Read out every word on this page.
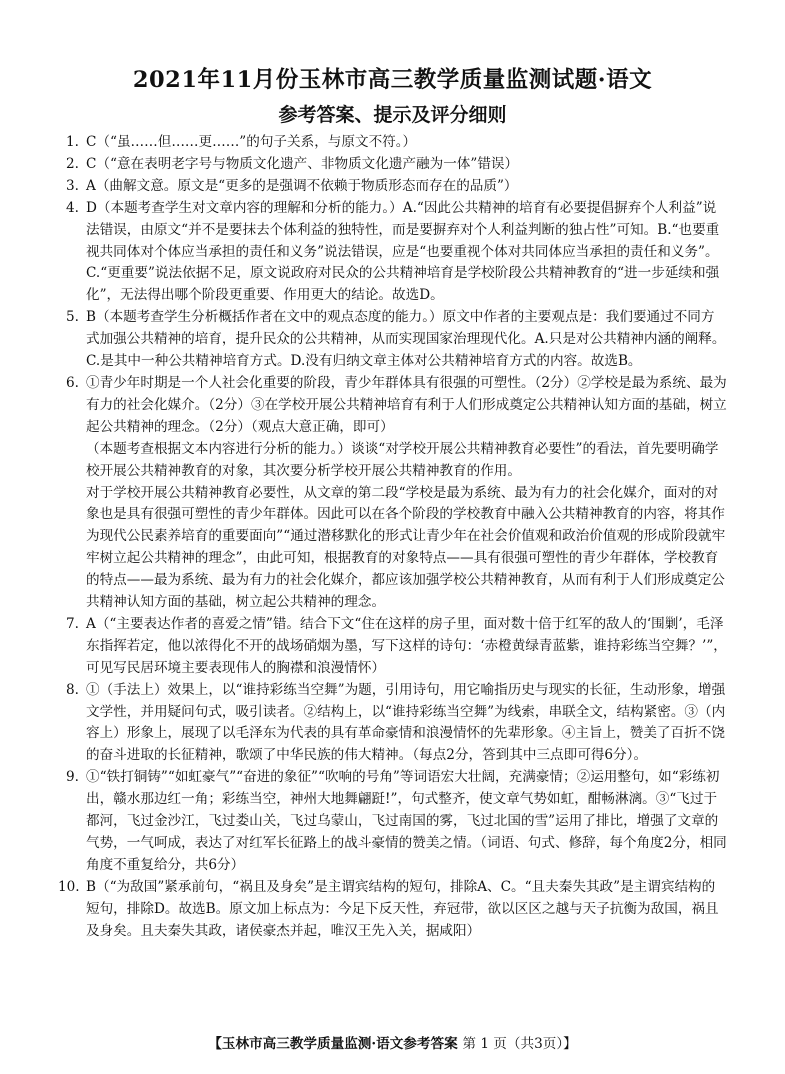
2021年11月份玉林市高三教学质量监测试题·语文
参考答案、提示及评分细则
1. C（“虽……但……更……”的句子关系，与原文不符。）
2. C（“意在表明老字号与物质文化遗产、非物质文化遗产融为一体”错误）
3. A（曲解文意。原文是“更多的是强调不依赖于物质形态而存在的品质”）
4. D（本题考查学生对文章内容的理解和分析的能力。）A.“因此公共精神的培育有必要提倡摒弃个人利益”说法错误，由原文“并不是要抹去个体利益的独特性，而是要摒弃对个人利益判断的独占性”可知。B.“也要重视共同体对个体应当承担的责任和义务”说法错误，应是“也要重视个体对共同体应当承担的责任和义务”。C.“更重要”说法依据不足，原文说政府对民众的公共精神培育是学校阶段公共精神教育的“进一步延续和强化”，无法得出哪个阶段更重要、作用更大的结论。故选D。
5. B（本题考查学生分析概括作者在文中的观点态度的能力。）原文中作者的主要观点是：我们要通过不同方式加强公共精神的培育，提升民众的公共精神，从而实现国家治理现代化。A.只是对公共精神内涵的阐释。C.是其中一种公共精神培育方式。D.没有归纳文章主体对公共精神培育方式的内容。故选B。
6. ①青少年时期是一个人社会化重要的阶段，青少年群体具有很强的可塑性。（2分）②学校是最为系统、最为有力的社会化媒介。（2分）③在学校开展公共精神培育有利于人们形成奠定公共精神认知方面的基础，树立起公共精神的理念。（2分）（观点大意正确，即可）
（本题考查根据文本内容进行分析的能力。）谈谈“对学校开展公共精神教育必要性”的看法，首先要明确学校开展公共精神教育的对象，其次要分析学校开展公共精神教育的作用。
对于学校开展公共精神教育必要性，从文章的第二段“学校是最为系统、最为有力的社会化媒介，面对的对象也是具有很强可塑性的青少年群体。因此可以在各个阶段的学校教育中融入公共精神教育的内容，将其作为现代公民素养培育的重要面向”“通过潜移默化的形式让青少年在社会价值观和政治价值观的形成阶段就牢牢树立起公共精神的理念”，由此可知，根据教育的对象特点——具有很强可塑性的青少年群体，学校教育的特点——最为系统、最为有力的社会化媒介，都应该加强学校公共精神教育，从而有利于人们形成奠定公共精神认知方面的基础，树立起公共精神的理念。
7. A（“主要表达作者的喜爱之情”错。结合下文“住在这样的房子里，面对数十倍于红军的敌人的‘围剿’，毛泽东指挥若定，他以浓得化不开的战场硝烟为墨，写下这样的诗句：‘赤橙黄绿青蓝紫，谁持彩练当空舞？’”，可见写民居环境主要表现伟人的胸襟和浪漫情怀）
8. ①（手法上）效果上，以“谁持彩练当空舞”为题，引用诗句，用它喻指历史与现实的长征，生动形象，增强文学性，并用疑问句式，吸引读者。②结构上，以“谁持彩练当空舞”为线索，串联全文，结构紧密。③（内容上）形象上，展现了以毛泽东为代表的具有革命豪情和浪漫情怀的先辈形象。④主旨上，赞美了百折不饶的奋斗进取的长征精神，歌颂了中华民族的伟大精神。（每点2分，答到其中三点即可得6分）。
9. ①“铁打铜铸”“如虹豪气”“奋进的象征”“吹响的号角”等词语宏大壮阔，充满豪情；②运用整句，如“彩练初出，赣水那边红一角；彩练当空，神州大地舞翩跹!”，句式整齐，使文章气势如虹，酣畅淋漓。③“飞过于都河，飞过金沙江，飞过娄山关，飞过乌蒙山，飞过南国的雾，飞过北国的雪”运用了排比，增强了文章的气势，一气呵成，表达了对红军长征路上的战斗豪情的赞美之情。（词语、句式、修辞，每个角度2分，相同角度不重复给分，共6分）
10. B（“为敌国”紧承前句，“祸且及身矣”是主谓宾结构的短句，排除A、C。“且夫秦失其政”是主谓宾结构的短句，排除D。故选B。原文加上标点为：今足下反天性，弃冠带，欲以区区之越与天子抗衡为敌国，祸且及身矣。且夫秦失其政，诸侯豪杰并起，唯汉王先入关，据咸阳）
【玉林市高三教学质量监测·语文参考答案 第 1 页（共3页）】
